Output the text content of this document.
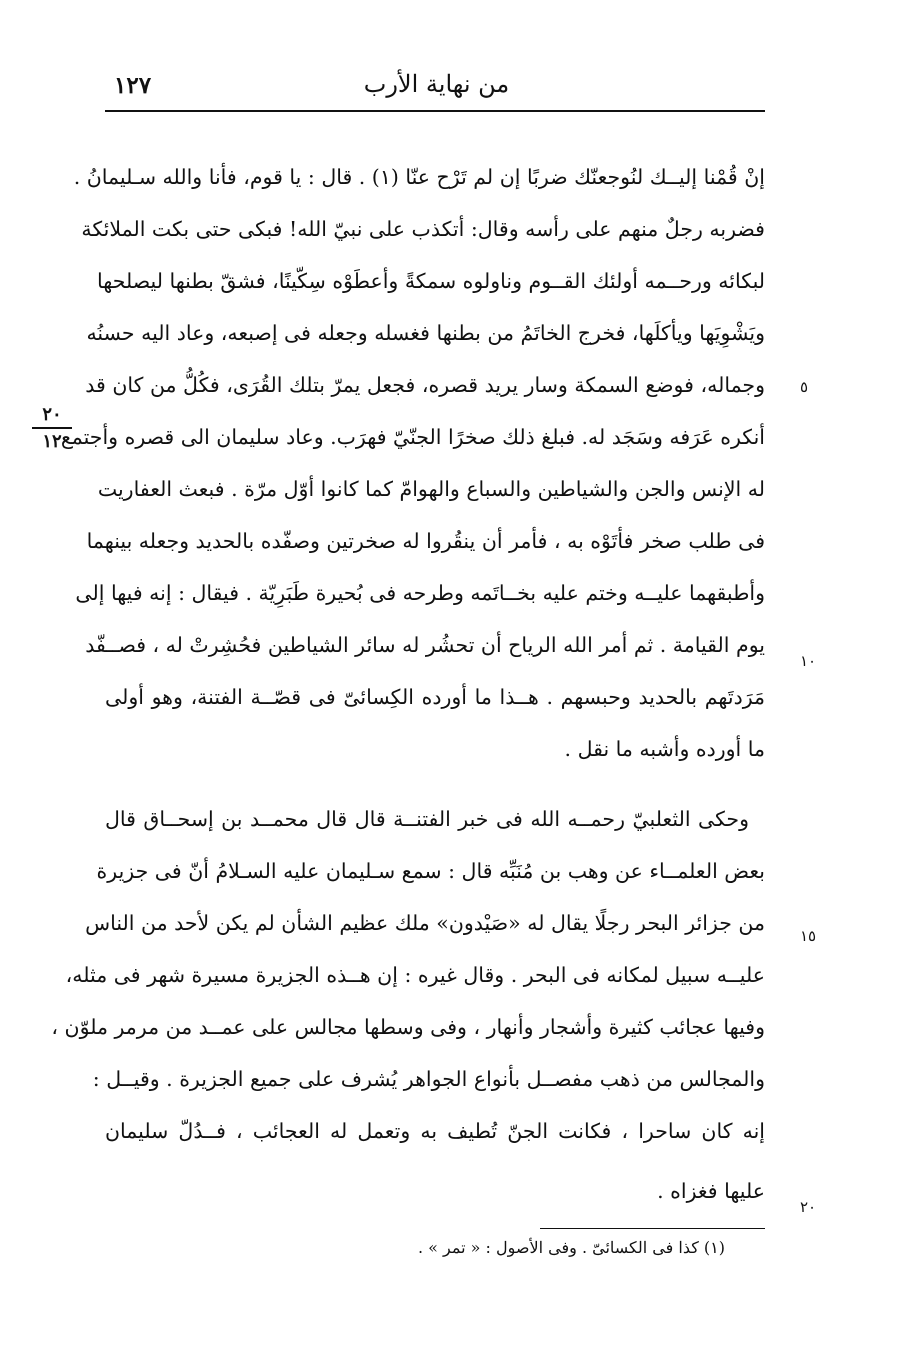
١٢٧	من نهاية الأرب
٢٠
١٢
إنْ قُمْنا إليــك لنُوجعنّك ضربًا إن لم تَرْح عنّا (١) . قال : يا قوم، فأنا والله سـليمانُ .
فضربه رجلٌ منهم على رأسه وقال: أتكذب على نبيّ الله! فبكى حتى بكت الملائكة
لبكائه ورحــمه أولئك القــوم وناولوه سمكةً وأعطَوْه سِكّينًا، فشقّ بطنها ليصلحها
ويَشْوِيَها ويأكلَها، فخرج الخاتَمُ من بطنها فغسله وجعله فى إصبعه، وعاد اليه حسنُه
وجماله، فوضع السمكة وسار يريد قصره، فجعل يمرّ بتلك القُرَى، فكُلُّ من كان قد
أنكره عَرَفه وسَجَد له. فبلغ ذلك صخرًا الجنّيّ فهرَب. وعاد سليمان الى قصره وأجتمع
له الإنس والجن والشياطين والسباع والهوامّ كما كانوا أوّل مرّة . فبعث العفاريت
فى طلب صخر فأتَوْه به ، فأمر أن ينقُروا له صخرتين وصفّده بالحديد وجعله بينهما
وأطبقهما عليــه وختم عليه بخــاتَمه وطرحه فى بُحيرة طَبَرِيّة . فيقال : إنه فيها إلى
يوم القيامة . ثم أمر الله الرياح أن تحشُر له سائر الشياطين فحُشِرتْ له ، فصــفّد
مَرَدتَهم بالحديد وحبسهم . هــذا ما أورده الكِسائىّ فى قصّــة الفتنة، وهو أولى
ما أورده وأشبه ما نقل .
وحكى الثعلبيّ رحمــه الله فى خبر الفتنــة قال قال محمــد بن إسحــاق قال
بعض العلمــاء عن وهب بن مُنَبِّه قال : سمع سـليمان عليه السـلامُ أنّ فى جزيرة
من جزائر البحر رجلًا يقال له «صَيْدون» ملك عظيم الشأن لم يكن لأحد من الناس
عليــه سبيل لمكانه فى البحر . وقال غيره : إن هــذه الجزيرة مسيرة شهر فى مثله،
وفيها عجائب كثيرة وأشجار وأنهار ، وفى وسطها مجالس على عمــد من مرمر ملوّن ،
والمجالس من ذهب مفصــل بأنواع الجواهر يُشرف على جميع الجزيرة . وقيــل :
إنه كان ساحرا ، فكانت الجنّ تُطيف به وتعمل له العجائب ، فــدُلّ سليمان
عليها فغزاه .
٥
١٠
١٥
٢٠
(١) كذا فى الكسائىّ . وفى الأصول : « تمر » .
